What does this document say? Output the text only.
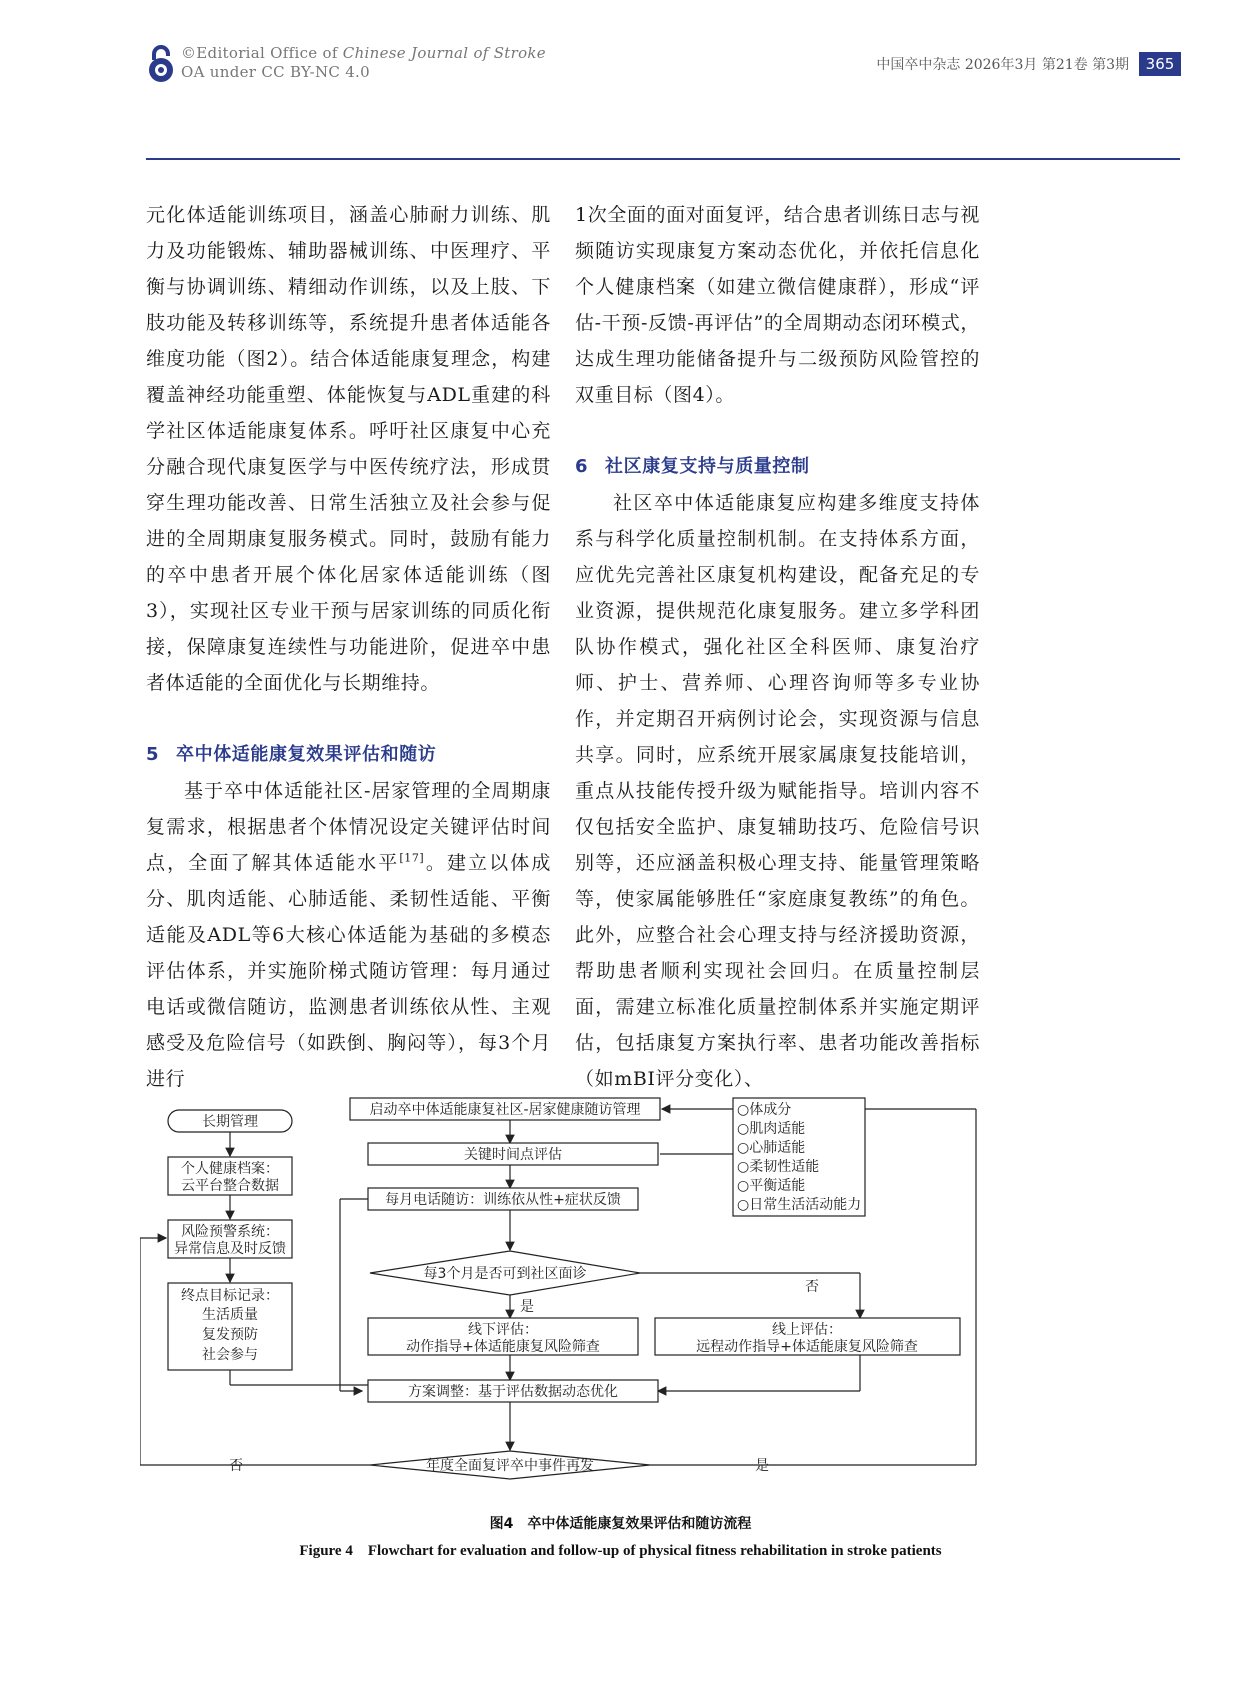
©Editorial Office of Chinese Journal of Stroke
OA under CC BY-NC 4.0	中国卒中杂志 2026年3月 第21卷 第3期	365

元化体适能训练项目，涵盖心肺耐力训练、肌力及功能锻炼、辅助器械训练、中医理疗、平衡与协调训练、精细动作训练，以及上肢、下肢功能及转移训练等，系统提升患者体适能各维度功能（图2）。结合体适能康复理念，构建覆盖神经功能重塑、体能恢复与ADL重建的科学社区体适能康复体系。呼吁社区康复中心充分融合现代康复医学与中医传统疗法，形成贯穿生理功能改善、日常生活独立及社会参与促进的全周期康复服务模式。同时，鼓励有能力的卒中患者开展个体化居家体适能训练（图3），实现社区专业干预与居家训练的同质化衔接，保障康复连续性与功能进阶，促进卒中患者体适能的全面优化与长期维持。

5 卒中体适能康复效果评估和随访

基于卒中体适能社区-居家管理的全周期康复需求，根据患者个体情况设定关键评估时间点，全面了解其体适能水平[17]。建立以体成分、肌肉适能、心肺适能、柔韧性适能、平衡适能及ADL等6大核心体适能为基础的多模态评估体系，并实施阶梯式随访管理：每月通过电话或微信随访，监测患者训练依从性、主观感受及危险信号（如跌倒、胸闷等），每3个月进行

1次全面的面对面复评，结合患者训练日志与视频随访实现康复方案动态优化，并依托信息化个人健康档案（如建立微信健康群），形成“评估-干预-反馈-再评估”的全周期动态闭环模式，达成生理功能储备提升与二级预防风险管控的双重目标（图4）。

6 社区康复支持与质量控制

社区卒中体适能康复应构建多维度支持体系与科学化质量控制机制。在支持体系方面，应优先完善社区康复机构建设，配备充足的专业资源，提供规范化康复服务。建立多学科团队协作模式，强化社区全科医师、康复治疗师、护士、营养师、心理咨询师等多专业协作，并定期召开病例讨论会，实现资源与信息共享。同时，应系统开展家属康复技能培训，重点从技能传授升级为赋能指导。培训内容不仅包括安全监护、康复辅助技巧、危险信号识别等，还应涵盖积极心理支持、能量管理策略等，使家属能够胜任“家庭康复教练”的角色。此外，应整合社会心理支持与经济援助资源，帮助患者顺利实现社会回归。在质量控制层面，需建立标准化质量控制体系并实施定期评估，包括康复方案执行率、患者功能改善指标（如mBI评分变化）、

启动卒中体适能康复社区-居家健康随访管理
关键时间点评估
每月电话随访：训练依从性+症状反馈
每3个月是否可到社区面诊
是
否
线下评估：
动作指导+体适能康复风险筛查
线上评估：
远程动作指导+体适能康复风险筛查
方案调整：基于评估数据动态优化
年度全面复评卒中事件再发
否	是
○体成分
○肌肉适能
○心肺适能
○柔韧性适能
○平衡适能
○日常生活活动能力
长期管理
个人健康档案：
云平台整合数据
风险预警系统：
异常信息及时反馈
终点目标记录：
生活质量
复发预防
社会参与
图4　卒中体适能康复效果评估和随访流程
Figure 4　Flowchart for evaluation and follow-up of physical fitness rehabilitation in stroke patients
